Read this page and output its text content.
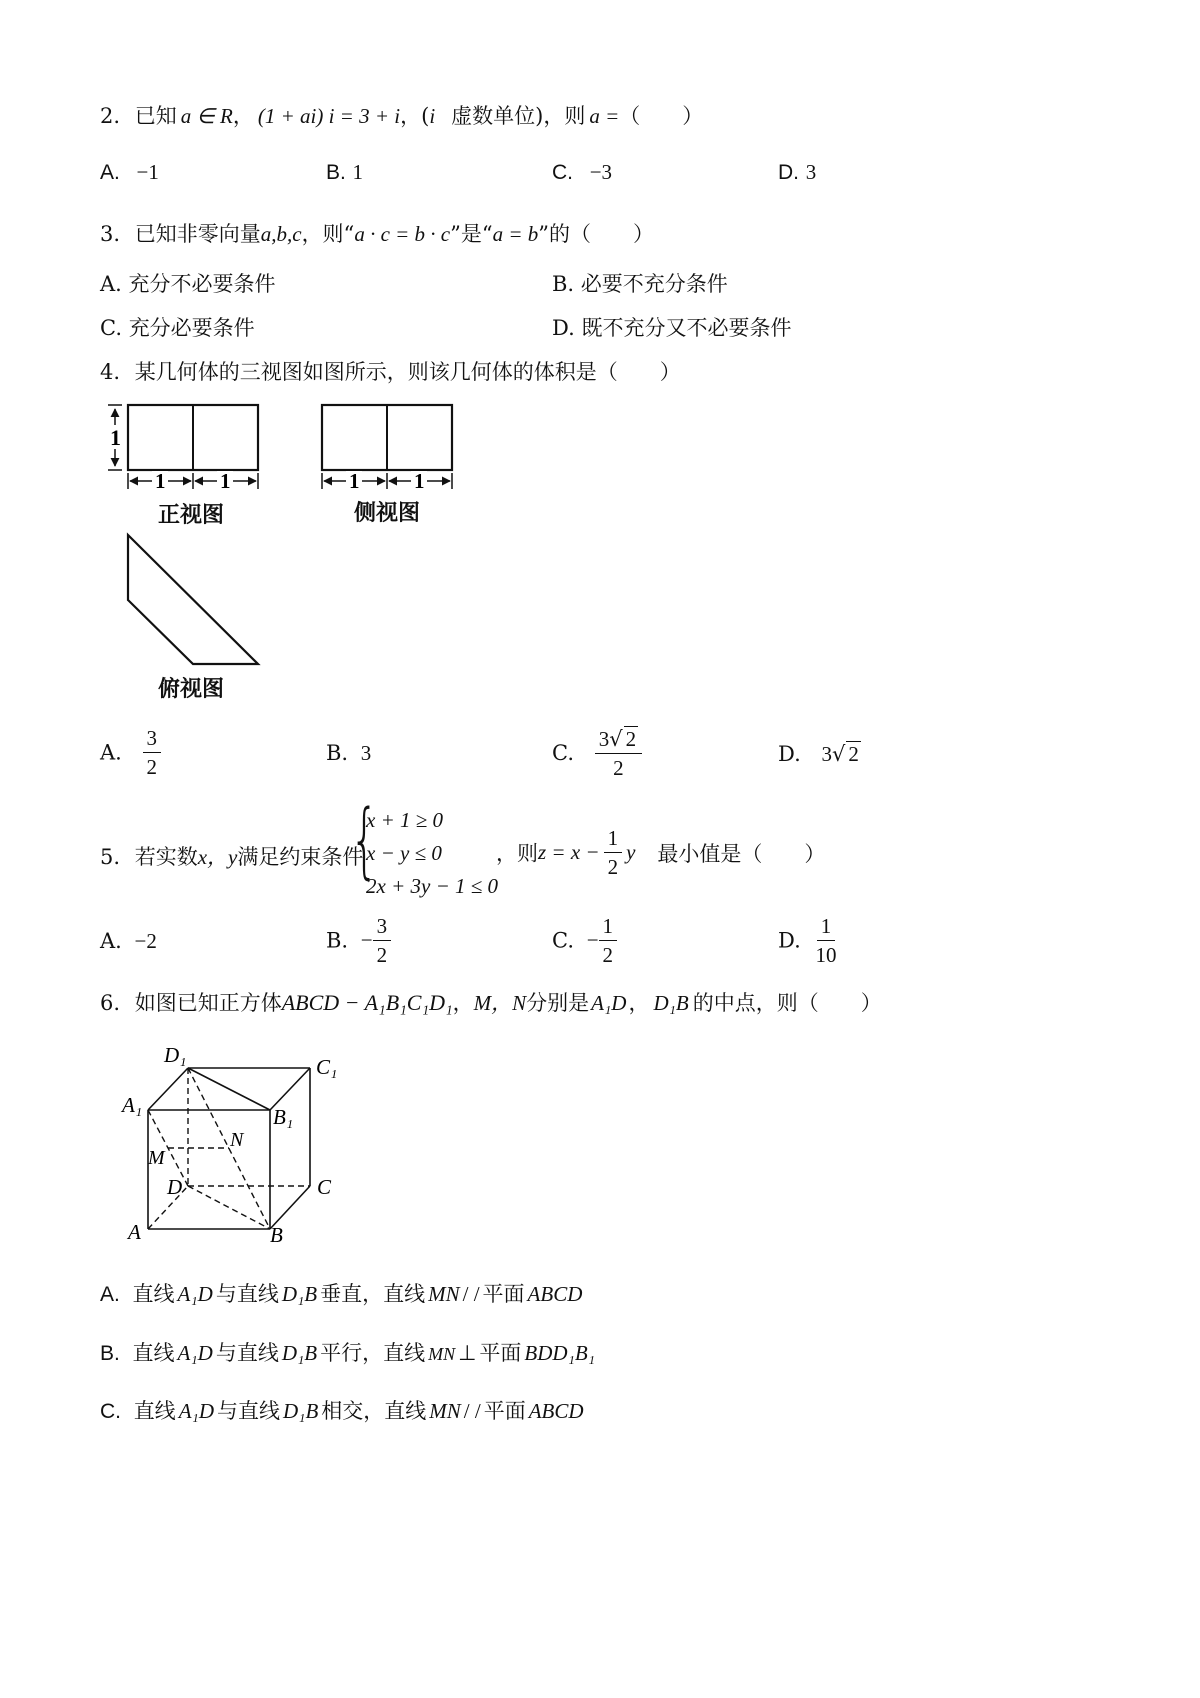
2. 已知 a ∈ R， (1 + ai) i = 3 + i，(i 虚数单位)，则 a =（　　）
A. −1	B. 1	C. −3	D. 3
3. 已知非零向量a,b,c，则“a · c = b · c”是“a = b”的（　　）
A. 充分不必要条件	B. 必要不充分条件
C. 充分必要条件	D. 既不充分又不必要条件
4. 某几何体的三视图如图所示，则该几何体的体积是（　　）
1
1	1	1	1
正视图	侧视图
俯视图
A. $\frac{3}{2}$	B. 3	C. $\frac{3√ 2}{2}$	D. 3√ 2
5. 若实数x，y满足约束条件
{
x + 1 ≥ 0
x − y ≤ 0
2x + 3y − 1 ≤ 0
，则$z = x - \frac{1}{2}$ y 最小值是（　　）
A. −2	B. − $\frac{3}{2}$	C. − $\frac{1}{2}$	D. $\frac{1}{10}$
6. 如图已知正方体ABCD − A₁B₁C₁D₁，M，N分别是A₁D， D₁B 的中点，则（　　）
D₁	C₁
A₁	B₁
N
M
D	C
A	B
A. 直线 A₁D 与直线 D₁B 垂直，直线 MN / / 平面 ABCD
B. 直线 A₁D 与直线 D₁B 平行，直线 MN ⊥ 平面 BDD₁B₁
C. 直线 A₁D 与直线 D₁B 相交，直线 MN / / 平面 ABCD
